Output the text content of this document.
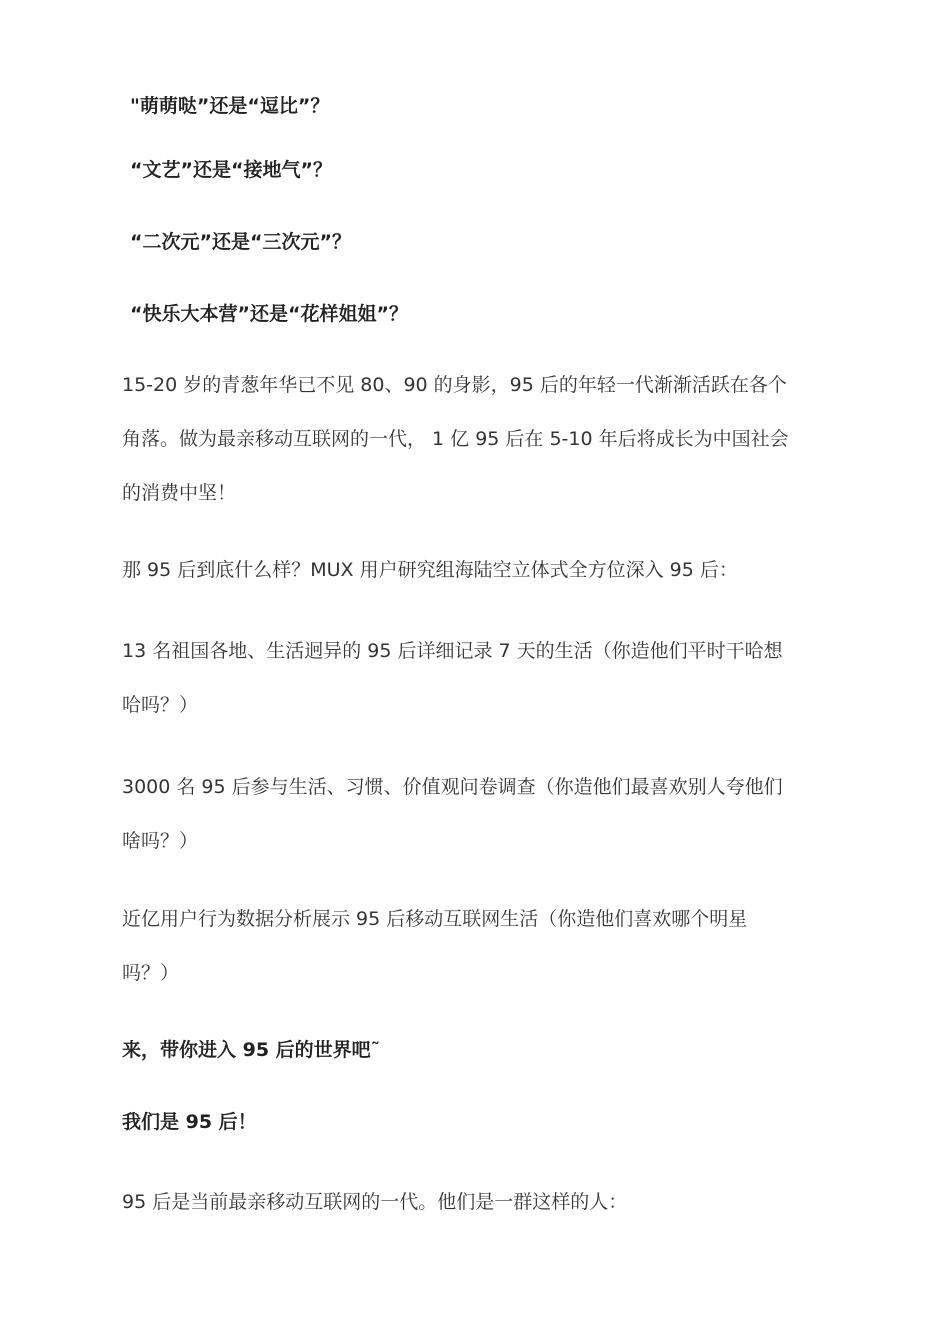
"萌萌哒”还是“逗比”？
“文艺”还是“接地气”？
“二次元”还是“三次元”？
“快乐大本营”还是“花样姐姐”？
15-20 岁的青葱年华已不见 80、90 的身影，95 后的年轻一代渐渐活跃在各个
角落。做为最亲移动互联网的一代， 1 亿 95 后在 5-10 年后将成长为中国社会
的消费中坚！
那 95 后到底什么样？MUX 用户研究组海陆空立体式全方位深入 95 后：
13 名祖国各地、生活迥异的 95 后详细记录 7 天的生活（你造他们平时干哈想
哈吗？）
3000 名 95 后参与生活、习惯、价值观问卷调查（你造他们最喜欢别人夸他们
啥吗？）
近亿用户行为数据分析展示 95 后移动互联网生活（你造他们喜欢哪个明星
吗？）
来，带你进入 95 后的世界吧˜
我们是 95 后！
95 后是当前最亲移动互联网的一代。他们是一群这样的人：
